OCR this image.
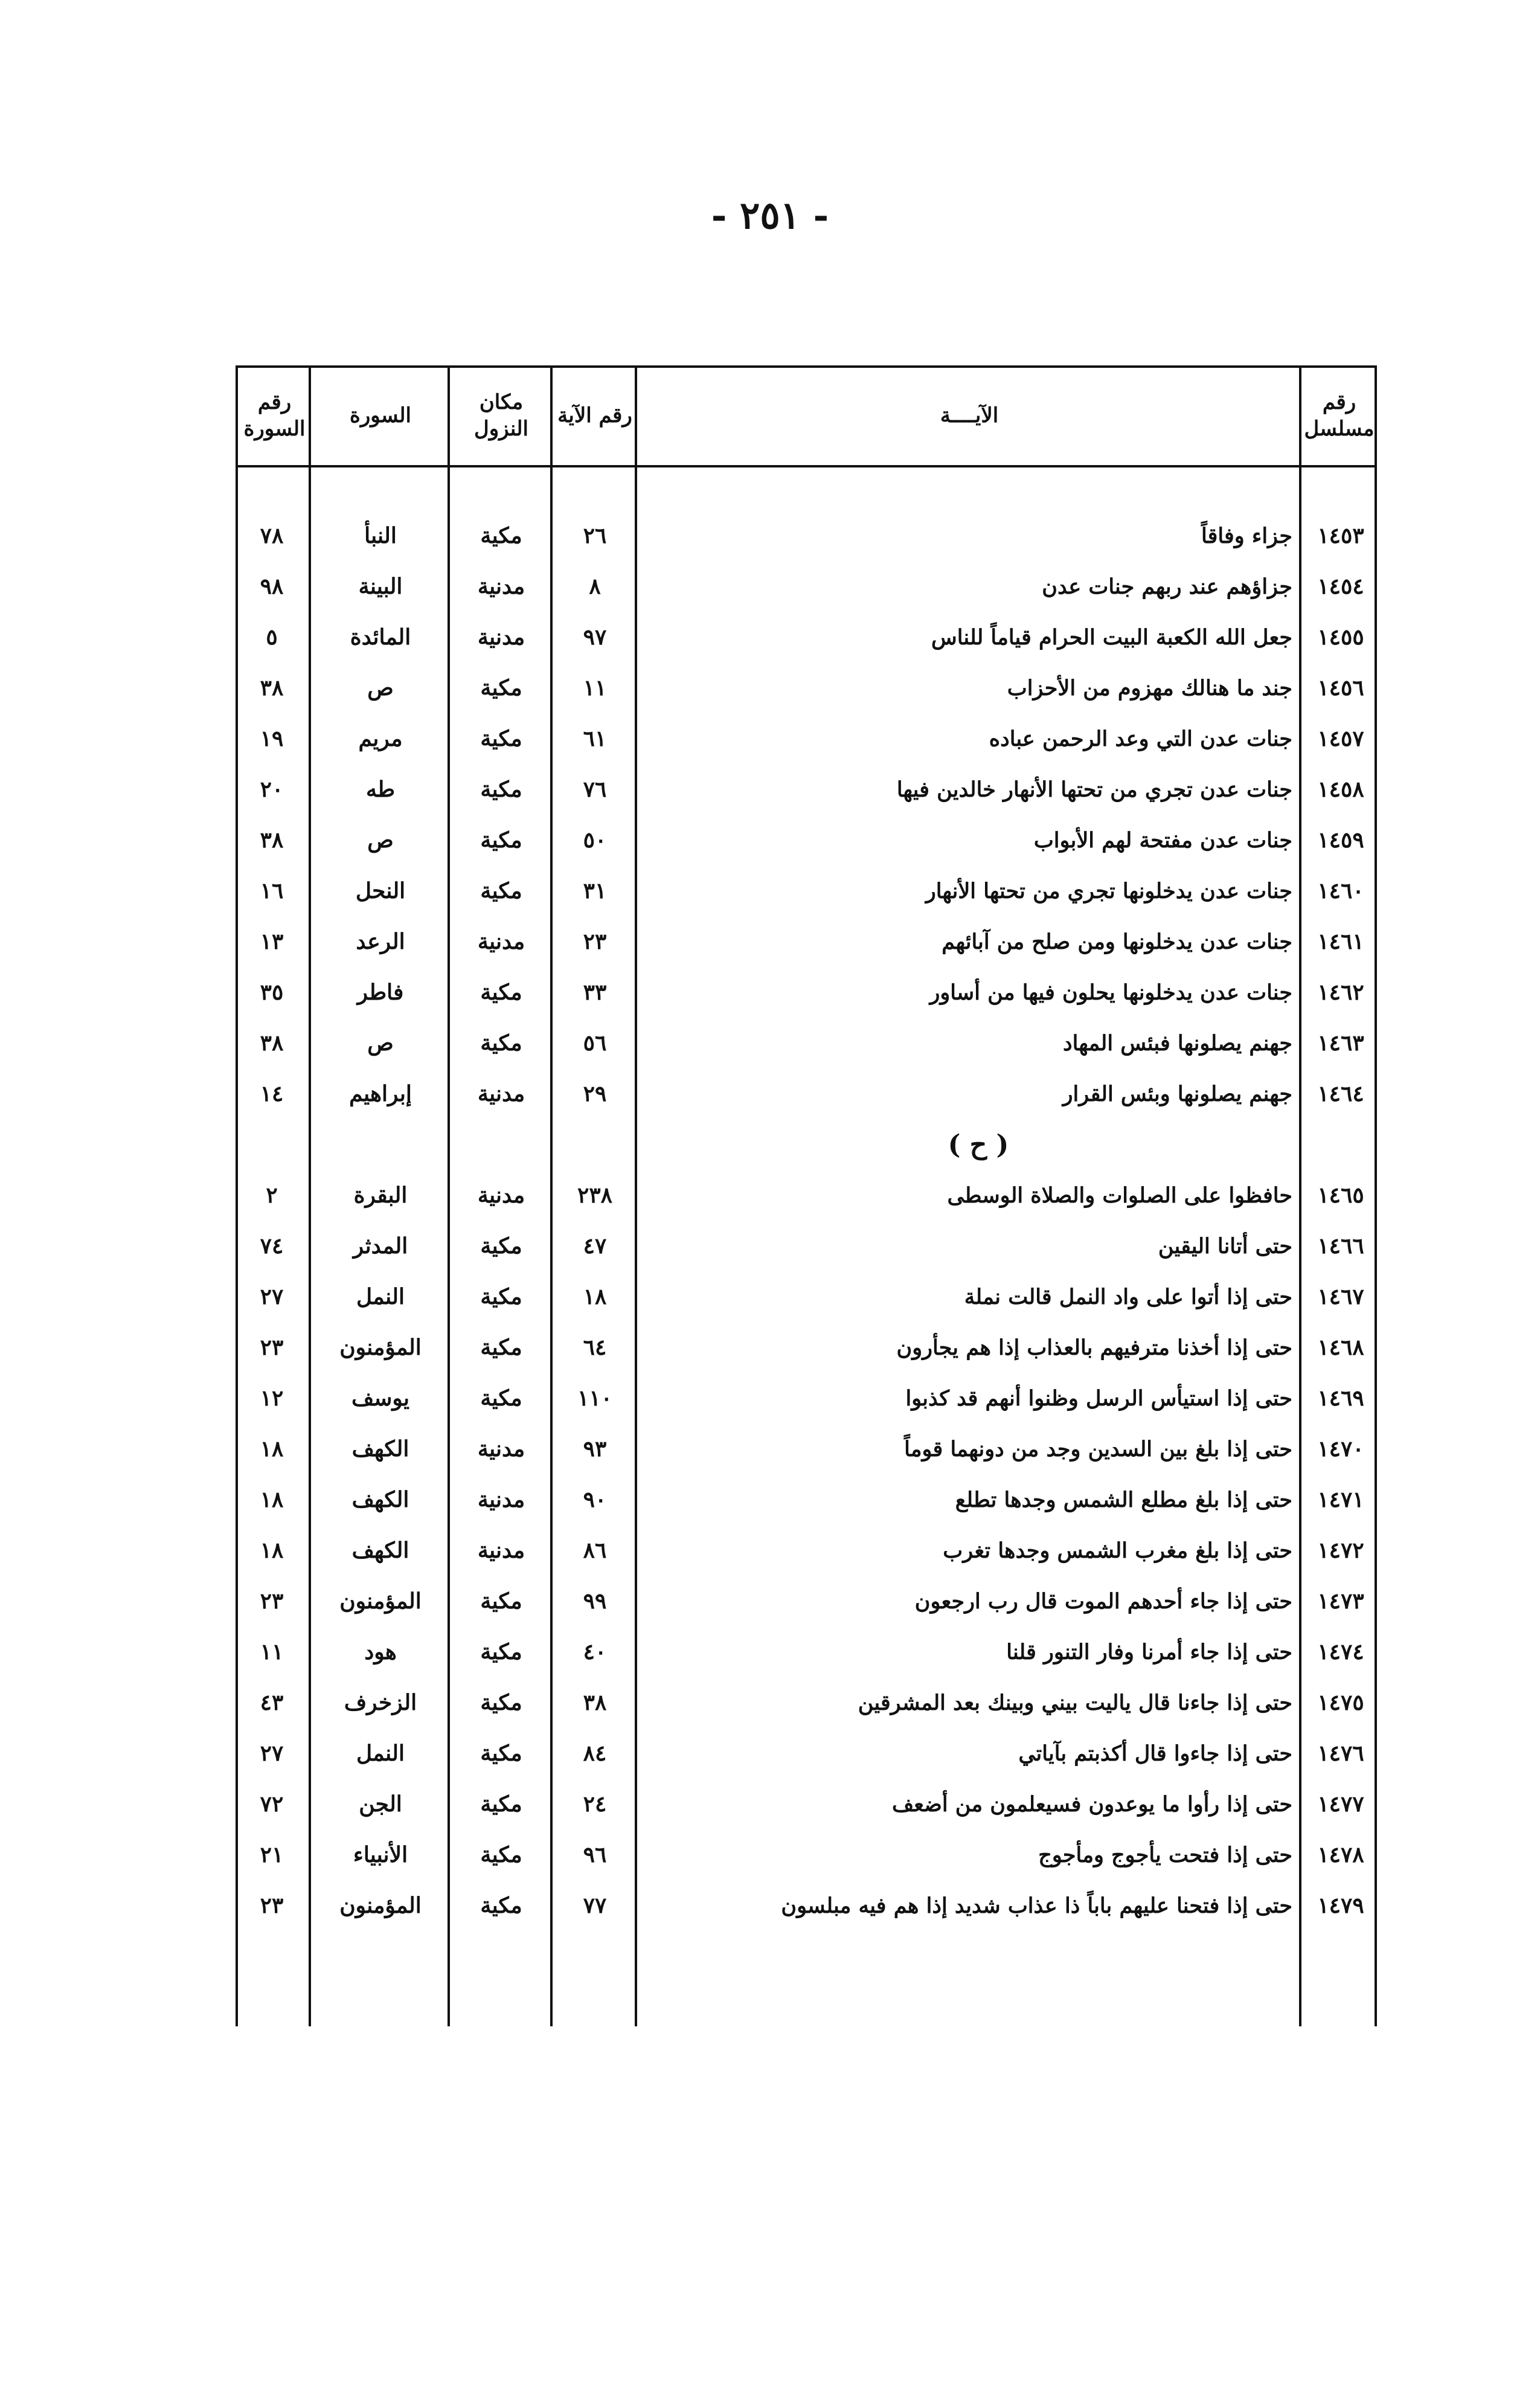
- ٢٥١ -
رقم مسلسل
الآيــــة
رقم الآية
مكان النزول
السورة
رقم السورة
١٤٥٣
جزاء وفاقاً
٢٦
مكية
النبأ
٧٨
١٤٥٤
جزاؤهم عند ربهم جنات عدن
٨
مدنية
البينة
٩٨
١٤٥٥
جعل الله الكعبة البيت الحرام قياماً للناس
٩٧
مدنية
المائدة
٥
١٤٥٦
جند ما هنالك مهزوم من الأحزاب
١١
مكية
ص
٣٨
١٤٥٧
جنات عدن التي وعد الرحمن عباده
٦١
مكية
مريم
١٩
١٤٥٨
جنات عدن تجري من تحتها الأنهار خالدين فيها
٧٦
مكية
طه
٢٠
١٤٥٩
جنات عدن مفتحة لهم الأبواب
٥٠
مكية
ص
٣٨
١٤٦٠
جنات عدن يدخلونها تجري من تحتها الأنهار
٣١
مكية
النحل
١٦
١٤٦١
جنات عدن يدخلونها ومن صلح من آبائهم
٢٣
مدنية
الرعد
١٣
١٤٦٢
جنات عدن يدخلونها يحلون فيها من أساور
٣٣
مكية
فاطر
٣٥
١٤٦٣
جهنم يصلونها فبئس المهاد
٥٦
مكية
ص
٣٨
١٤٦٤
جهنم يصلونها وبئس القرار
٢٩
مدنية
إبراهيم
١٤
( ح )
١٤٦٥
حافظوا على الصلوات والصلاة الوسطى
٢٣٨
مدنية
البقرة
٢
١٤٦٦
حتى أتانا اليقين
٤٧
مكية
المدثر
٧٤
١٤٦٧
حتى إذا أتوا على واد النمل قالت نملة
١٨
مكية
النمل
٢٧
١٤٦٨
حتى إذا أخذنا مترفيهم بالعذاب إذا هم يجأرون
٦٤
مكية
المؤمنون
٢٣
١٤٦٩
حتى إذا استيأس الرسل وظنوا أنهم قد كذبوا
١١٠
مكية
يوسف
١٢
١٤٧٠
حتى إذا بلغ بين السدين وجد من دونهما قوماً
٩٣
مدنية
الكهف
١٨
١٤٧١
حتى إذا بلغ مطلع الشمس وجدها تطلع
٩٠
مدنية
الكهف
١٨
١٤٧٢
حتى إذا بلغ مغرب الشمس وجدها تغرب
٨٦
مدنية
الكهف
١٨
١٤٧٣
حتى إذا جاء أحدهم الموت قال رب ارجعون
٩٩
مكية
المؤمنون
٢٣
١٤٧٤
حتى إذا جاء أمرنا وفار التنور قلنا
٤٠
مكية
هود
١١
١٤٧٥
حتى إذا جاءنا قال ياليت بيني وبينك بعد المشرقين
٣٨
مكية
الزخرف
٤٣
١٤٧٦
حتى إذا جاءوا قال أكذبتم بآياتي
٨٤
مكية
النمل
٢٧
١٤٧٧
حتى إذا رأوا ما يوعدون فسيعلمون من أضعف
٢٤
مكية
الجن
٧٢
١٤٧٨
حتى إذا فتحت يأجوج ومأجوج
٩٦
مكية
الأنبياء
٢١
١٤٧٩
حتى إذا فتحنا عليهم باباً ذا عذاب شديد إذا هم فيه مبلسون
٧٧
مكية
المؤمنون
٢٣
